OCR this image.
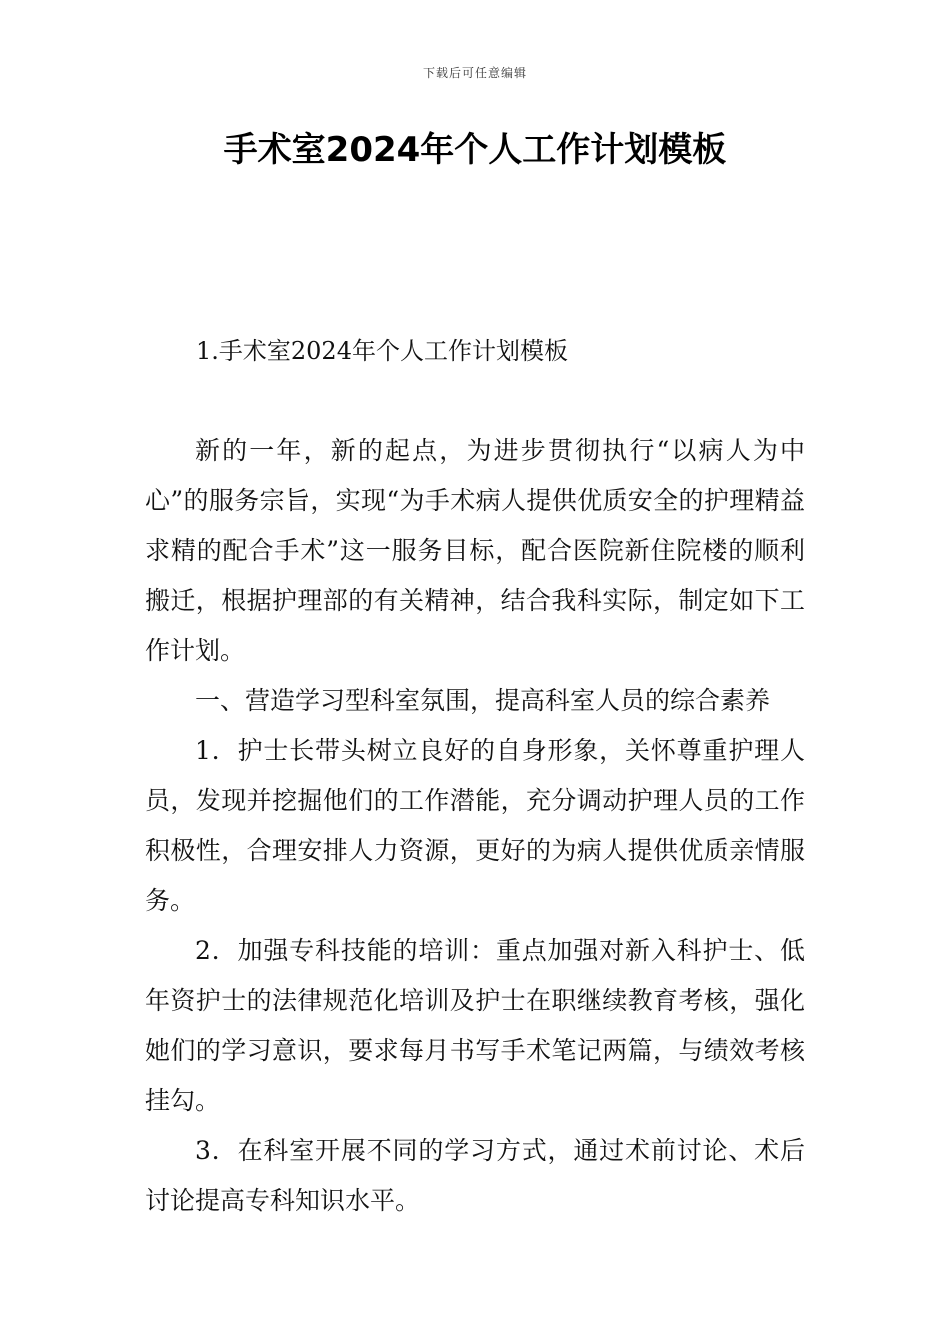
下载后可任意编辑
手术室2024年个人工作计划模板
1.手术室2024年个人工作计划模板

新的一年，新的起点，为进步贯彻执行“以病人为中心”的服务宗旨，实现“为手术病人提供优质安全的护理精益求精的配合手术”这一服务目标，配合医院新住院楼的顺利搬迁，根据护理部的有关精神，结合我科实际，制定如下工作计划。

一、营造学习型科室氛围，提高科室人员的综合素养

1．护士长带头树立良好的自身形象，关怀尊重护理人员，发现并挖掘他们的工作潜能，充分调动护理人员的工作积极性，合理安排人力资源，更好的为病人提供优质亲情服务。

2．加强专科技能的培训：重点加强对新入科护士、低年资护士的法律规范化培训及护士在职继续教育考核，强化她们的学习意识，要求每月书写手术笔记两篇，与绩效考核挂勾。

3．在科室开展不同的学习方式，通过术前讨论、术后讨论提高专科知识水平。
